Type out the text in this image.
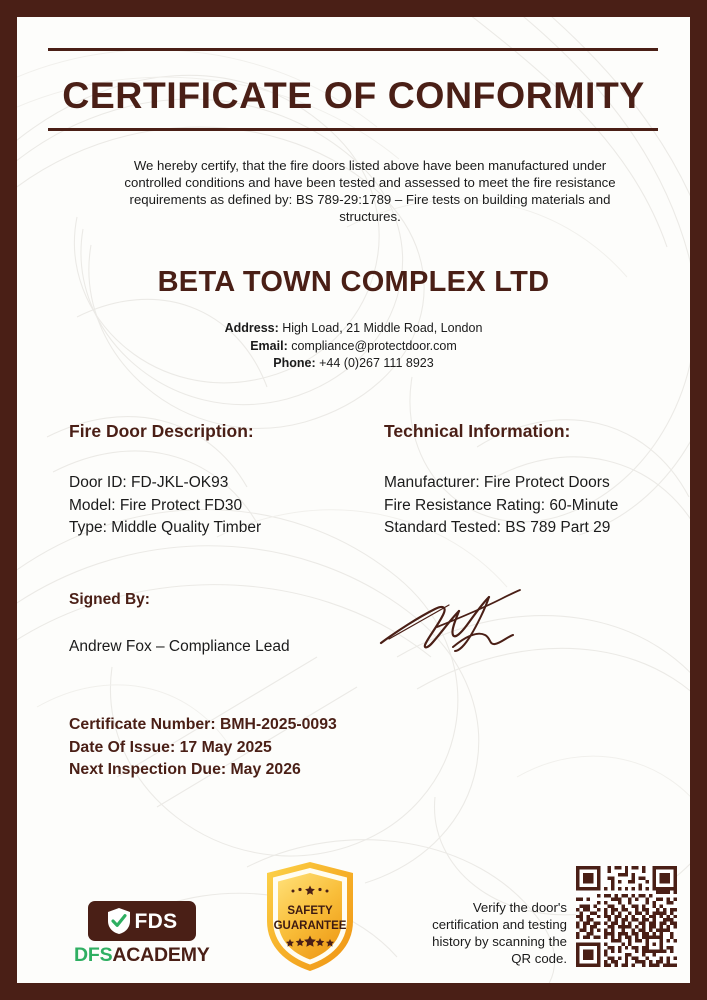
CERTIFICATE OF CONFORMITY
We hereby certify, that the fire doors listed above have been manufactured under controlled conditions and have been tested and assessed to meet the fire resistance requirements as defined by: BS 789-29:1789 – Fire tests on building materials and structures.
BETA TOWN COMPLEX LTD
Address: High Load, 21 Middle Road, London
Email: compliance@protectdoor.com
Phone: +44 (0)267 111 8923
Fire Door Description:
Door ID: FD-JKL-OK93
Model: Fire Protect FD30
Type: Middle Quality Timber
Technical Information:
Manufacturer: Fire Protect Doors
Fire Resistance Rating: 60-Minute
Standard Tested: BS 789 Part 29
Signed By:
Andrew Fox – Compliance Lead
Certificate Number: BMH-2025-0093
Date Of Issue: 17 May 2025
Next Inspection Due: May 2026
FDS
DFSACADEMY
SAFETY
GUARANTEE
Verify the door's certification and testing history by scanning the QR code.
